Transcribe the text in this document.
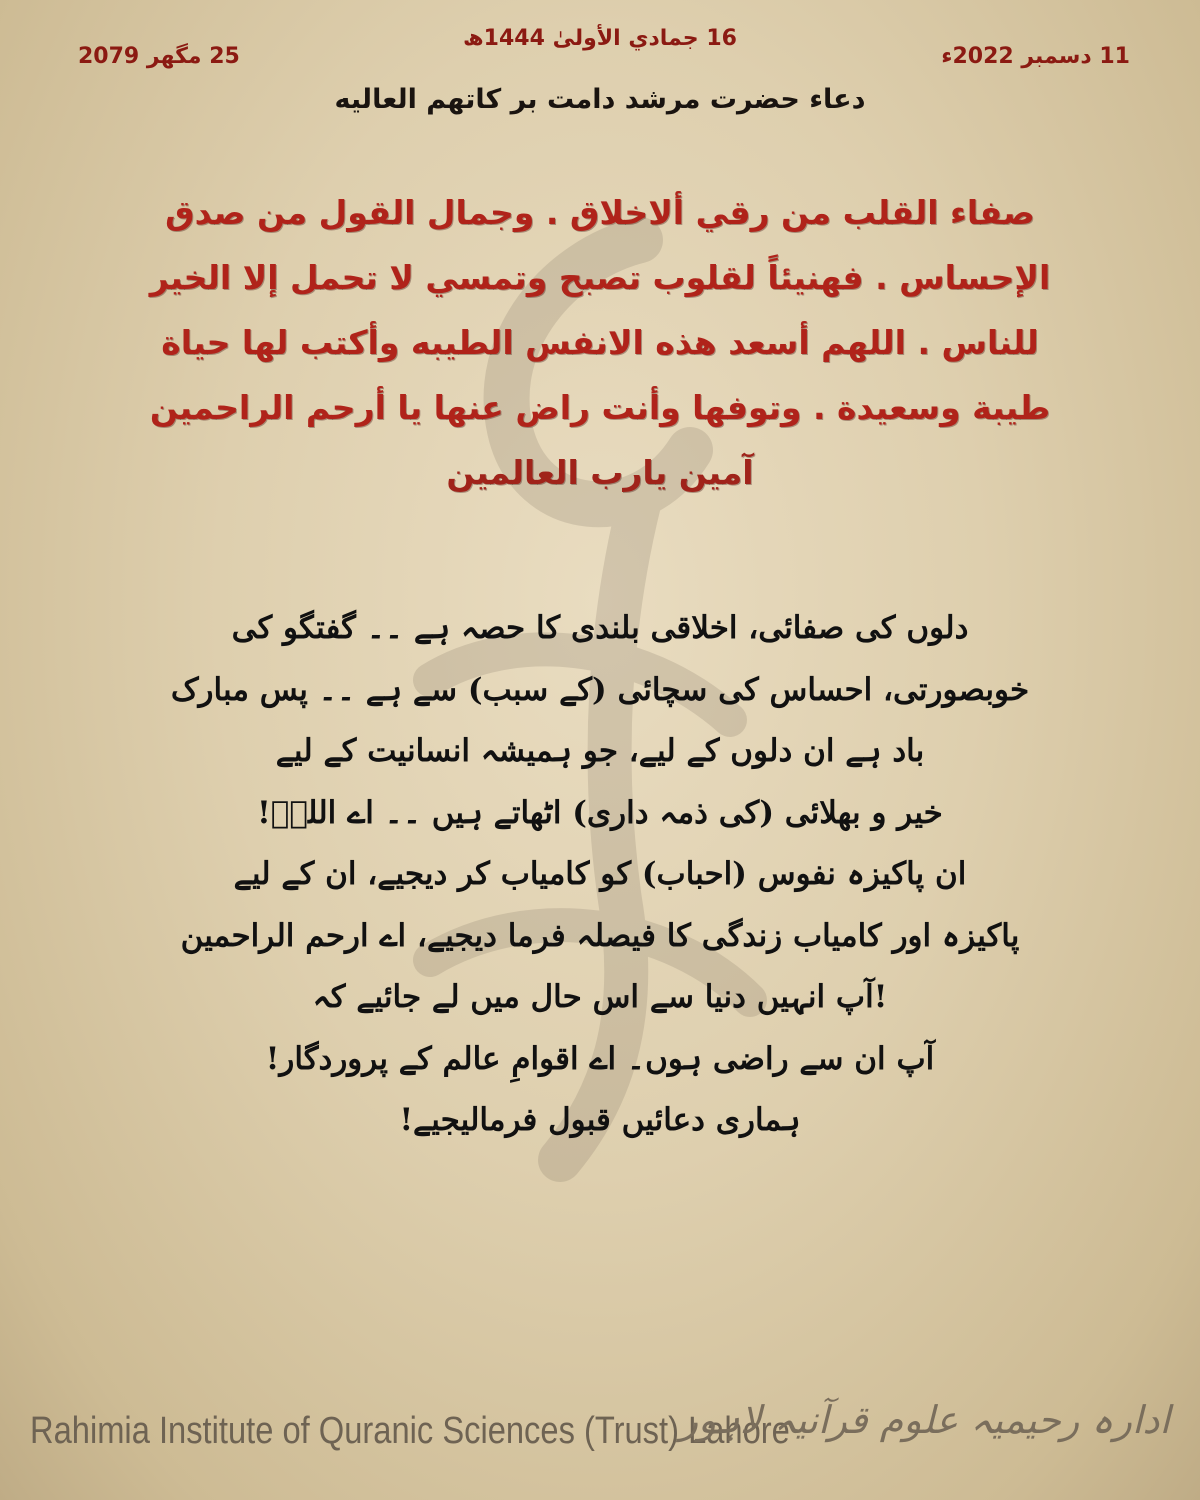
16 جمادي الأولیٰ 1444ھ
11 دسمبر 2022ء
25 مگھر 2079
دعاء حضرت مرشد دامت بر کاتھم العالیه
صفاء القلب من رقي ألاخلاق . وجمال القول من صدق
الإحساس . فهنيئاً لقلوب تصبح وتمسي لا تحمل إلا الخير
للناس . اللهم أسعد هذه الانفس الطيبه وأكتب لها حياة
طيبة وسعيدة . وتوفها وأنت راض عنها يا أرحم الراحمين
آمين يارب العالمين
دلوں کی صفائی، اخلاقی بلندی کا حصہ ہے ۔۔ گفتگو کی
خوبصورتی، احساس کی سچائی (کے سبب) سے ہے ۔۔ پس مبارک
باد ہے ان دلوں کے لیے، جو ہمیشہ انسانیت کے لیے
خیر و بھلائی (کی ذمہ داری) اٹھاتے ہیں ۔۔ اے اللہؐ!
ان پاکیزہ نفوس (احباب) کو کامیاب کر دیجیے، ان کے لیے
پاکیزہ اور کامیاب زندگی کا فیصلہ فرما دیجیے، اے ارحم الراحمین
!آپ انہیں دنیا سے اس حال میں لے جائیے کہ
آپ ان سے راضی ہوں۔ اے اقوامِ عالم کے پروردگار!
ہماری دعائیں قبول فرمالیجیے!
Rahimia Institute of Quranic Sciences (Trust) Lahore
ادارہ رحیمیہ علوم قرآنیہ لاہور
